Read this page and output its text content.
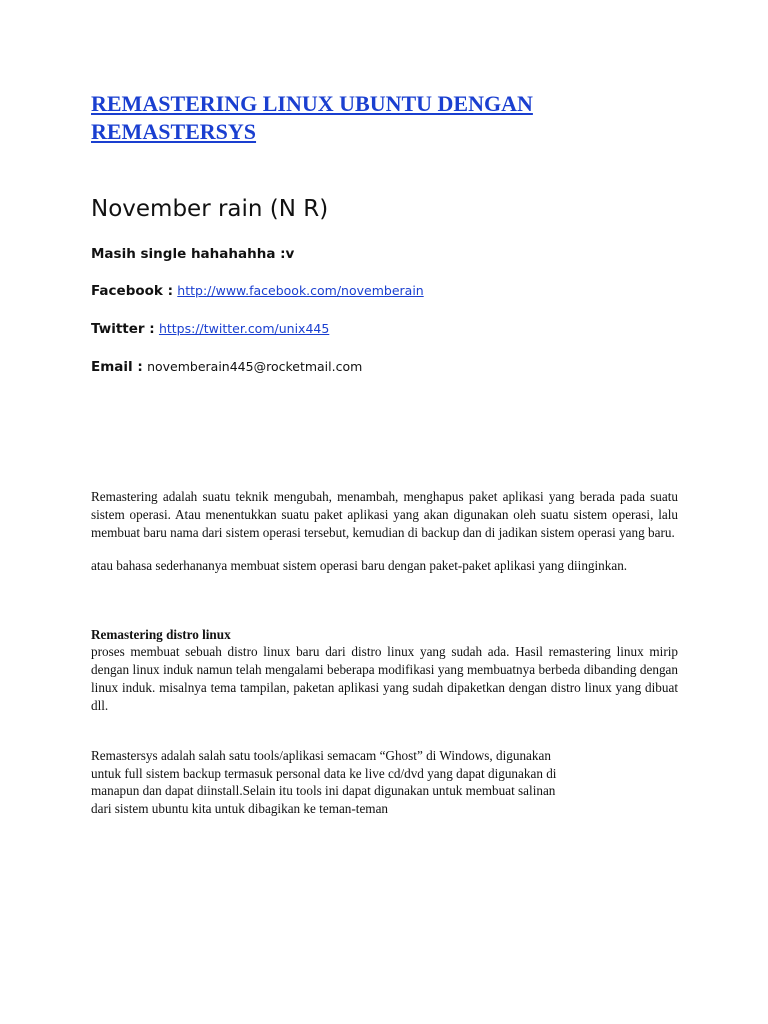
REMASTERING LINUX UBUNTU DENGAN
REMASTERSYS
November rain (N R)

Masih single hahahahha :v

Facebook : http://www.facebook.com/novemberain

Twitter : https://twitter.com/unix445

Email : novemberain445@rocketmail.com

Remastering adalah suatu teknik mengubah, menambah, menghapus paket aplikasi yang berada pada suatu sistem operasi. Atau menentukkan suatu paket aplikasi yang akan digunakan oleh suatu sistem operasi, lalu membuat baru nama dari sistem operasi tersebut, kemudian di backup dan di jadikan sistem operasi yang baru.

atau bahasa sederhananya membuat sistem operasi baru dengan paket-paket aplikasi yang diinginkan.

Remastering distro linux

proses membuat sebuah distro linux baru dari distro linux yang sudah ada. Hasil remastering linux mirip dengan linux induk namun telah mengalami beberapa modifikasi yang membuatnya berbeda dibanding dengan linux induk. misalnya tema tampilan, paketan aplikasi yang sudah dipaketkan dengan distro linux yang dibuat dll.

Remastersys adalah salah satu tools/aplikasi semacam “Ghost” di Windows, digunakan
untuk full sistem backup termasuk personal data ke live cd/dvd yang dapat digunakan di
manapun dan dapat diinstall.Selain itu tools ini dapat digunakan untuk membuat salinan
dari sistem ubuntu kita untuk dibagikan ke teman-teman
